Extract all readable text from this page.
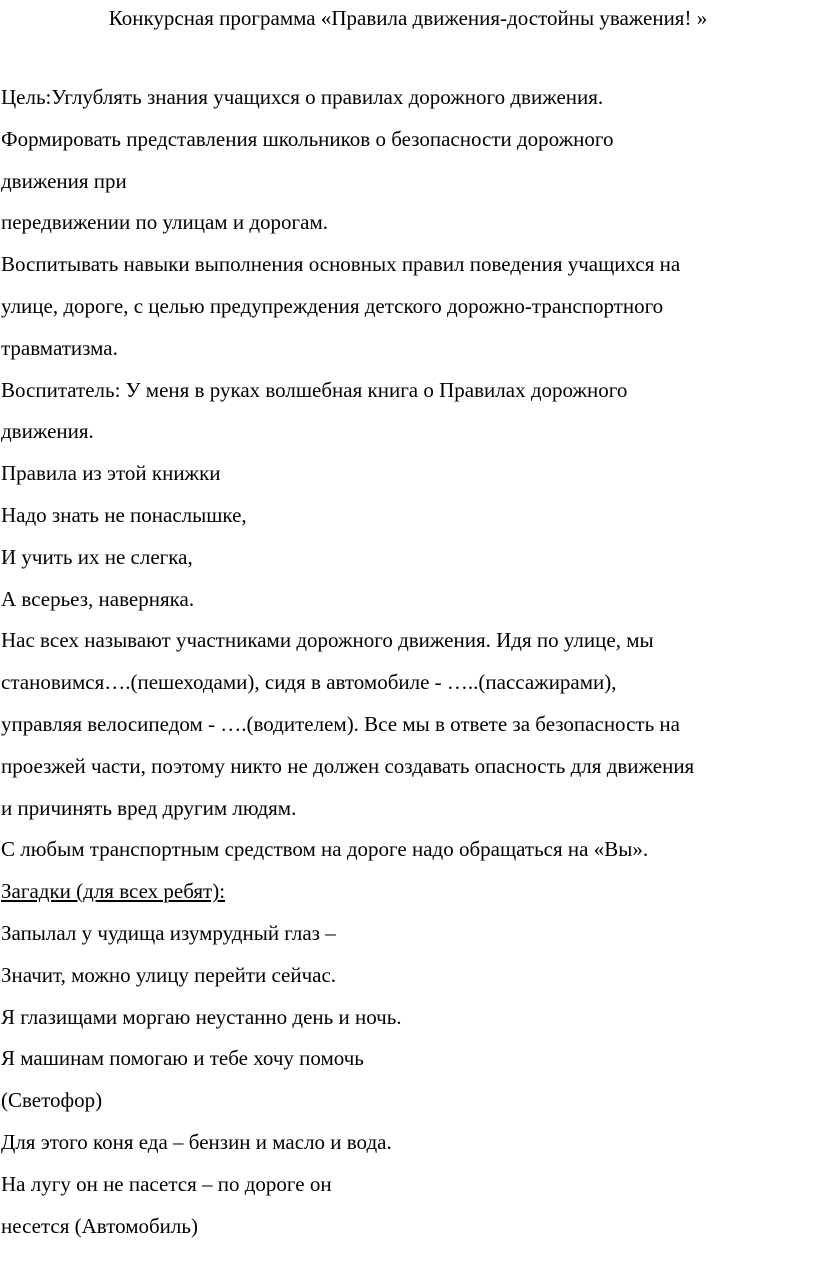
Конкурсная программа «Правила движения-достойны уважения! »
Цель:Углублять знания учащихся о правилах дорожного движения.
Формировать представления школьников о безопасности дорожного
движения при
передвижении по улицам и дорогам.
Воспитывать навыки выполнения основных правил поведения учащихся на
улице, дороге, с целью предупреждения детского дорожно-транспортного
травматизма.
Воспитатель: У меня в руках волшебная книга о Правилах дорожного
движения.
Правила из этой книжки
Надо знать не понаслышке,
И учить их не слегка,
А всерьез, наверняка.
Нас всех называют участниками дорожного движения. Идя по улице, мы
становимся….(пешеходами), сидя в автомобиле - …..(пассажирами),
управляя велосипедом - ….(водителем). Все мы в ответе за безопасность на
проезжей части, поэтому никто не должен создавать опасность для движения
и причинять вред другим людям.
С любым транспортным средством на дороге надо обращаться на «Вы».
Загадки (для всех ребят):
Запылал у чудища изумрудный глаз –
Значит, можно улицу перейти сейчас.
Я глазищами моргаю неустанно день и ночь.
Я машинам помогаю и тебе хочу помочь
(Светофор)
Для этого коня еда – бензин и масло и вода.
На лугу он не пасется – по дороге он
несется (Автомобиль)
